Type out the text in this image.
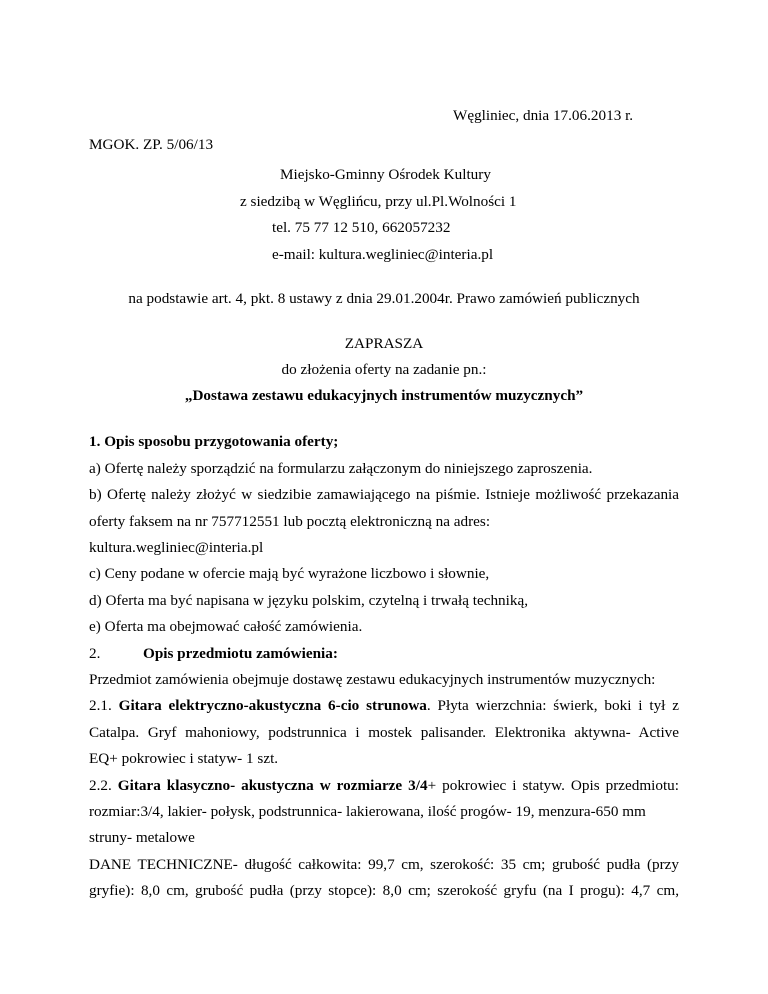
Węgliniec, dnia 17.06.2013 r.
MGOK. ZP. 5/06/13
Miejsko-Gminny Ośrodek Kultury
z siedzibą w Węglińcu, przy ul.Pl.Wolności 1
tel. 75 77 12 510, 662057232
e-mail: kultura.wegliniec@interia.pl
na podstawie art. 4, pkt. 8 ustawy z dnia 29.01.2004r. Prawo zamówień publicznych
ZAPRASZA
do złożenia oferty na zadanie pn.:
„Dostawa zestawu edukacyjnych instrumentów muzycznych”
1. Opis sposobu przygotowania oferty;
a) Ofertę należy sporządzić na formularzu załączonym do niniejszego zaproszenia.
b) Ofertę należy złożyć w siedzibie zamawiającego na piśmie. Istnieje możliwość przekazania
oferty faksem na nr 757712551 lub pocztą elektroniczną na adres:
kultura.wegliniec@interia.pl
c) Ceny podane w ofercie mają być wyrażone liczbowo i słownie,
d) Oferta ma być napisana w języku polskim, czytelną i trwałą techniką,
e) Oferta ma obejmować całość zamówienia.
2.	Opis przedmiotu zamówienia:
Przedmiot zamówienia obejmuje dostawę zestawu edukacyjnych instrumentów muzycznych:
2.1. Gitara elektryczno-akustyczna 6-cio strunowa. Płyta wierzchnia: świerk, boki i tył z
Catalpa. Gryf mahoniowy, podstrunnica i mostek palisander. Elektronika aktywna- Active
EQ+ pokrowiec i statyw- 1 szt.
2.2. Gitara klasyczno- akustyczna w rozmiarze 3/4+ pokrowiec i statyw. Opis przedmiotu:
rozmiar:3/4, lakier- połysk, podstrunnica- lakierowana, ilość progów- 19, menzura-650 mm
struny- metalowe
DANE TECHNICZNE- długość całkowita: 99,7 cm, szerokość: 35 cm; grubość pudła (przy
gryfie): 8,0 cm, grubość pudła (przy stopce): 8,0 cm; szerokość gryfu (na I progu): 4,7 cm,
